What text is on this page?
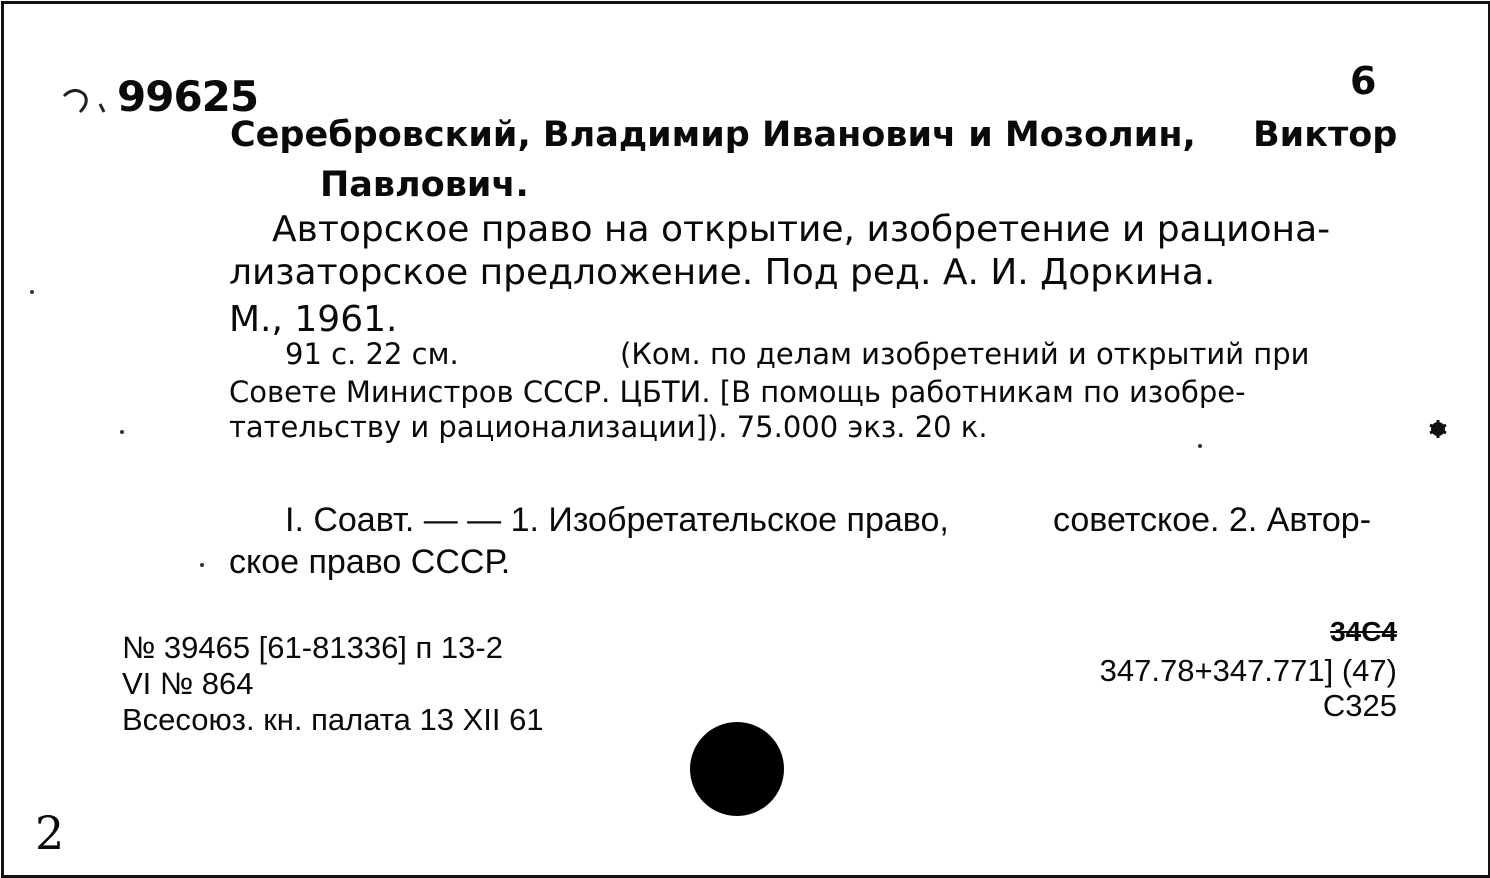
99625	6
Серебровский, Владимир Иванович и Мозолин, Виктор
Павлович.
Авторское право на открытие, изобретение и рациона-
лизаторское предложение. Под ред. А. И. Доркина.
М., 1961.
91 с. 22 см.	(Ком. по делам изобретений и открытий при
Совете Министров СССР. ЦБТИ. [В помощь работникам по изобре-
тательству и рационализации]). 75.000 экз. 20 к.
I. Соавт. — — 1. Изобретательское право,	советское. 2. Автор-
ское право СССР.
№ 39465 [61-81336] п 13-2
VI № 864
Всесоюз. кн. палата 13 XII 61
34С4
347.78+347.771] (47)
С325
2
